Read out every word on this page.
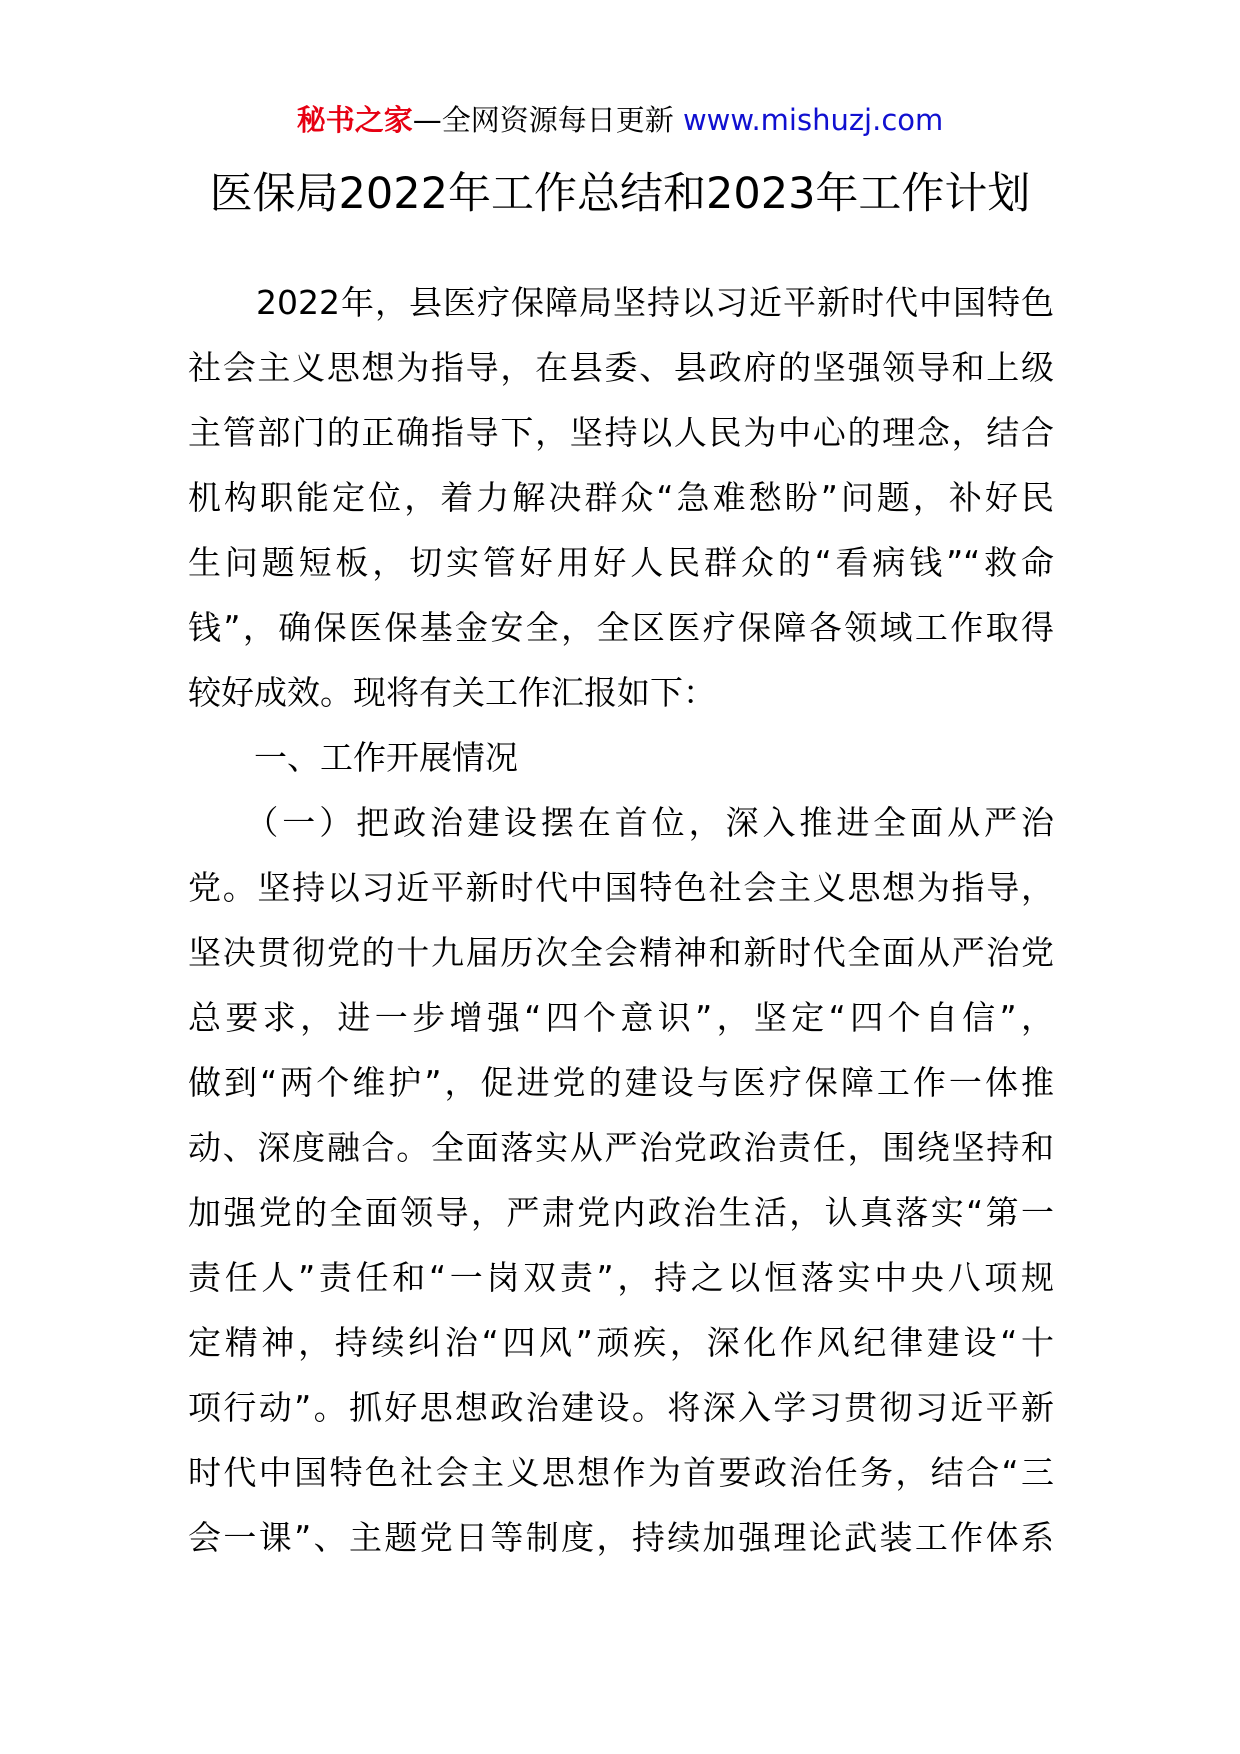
秘书之家—全网资源每日更新 www.mishuzj.com
医保局2022年工作总结和2023年工作计划
　　2022年，县医疗保障局坚持以习近平新时代中国特色
社会主义思想为指导，在县委、县政府的坚强领导和上级
主管部门的正确指导下，坚持以人民为中心的理念，结合
机构职能定位，着力解决群众“急难愁盼”问题，补好民
生问题短板，切实管好用好人民群众的“看病钱”“救命
钱”，确保医保基金安全，全区医疗保障各领域工作取得
较好成效。现将有关工作汇报如下：
　　一、工作开展情况
　　（一）把政治建设摆在首位，深入推进全面从严治
党。坚持以习近平新时代中国特色社会主义思想为指导，
坚决贯彻党的十九届历次全会精神和新时代全面从严治党
总要求，进一步增强“四个意识”，坚定“四个自信”，
做到“两个维护”，促进党的建设与医疗保障工作一体推
动、深度融合。全面落实从严治党政治责任，围绕坚持和
加强党的全面领导，严肃党内政治生活，认真落实“第一
责任人”责任和“一岗双责”，持之以恒落实中央八项规
定精神，持续纠治“四风”顽疾，深化作风纪律建设“十
项行动”。抓好思想政治建设。将深入学习贯彻习近平新
时代中国特色社会主义思想作为首要政治任务，结合“三
会一课”、主题党日等制度，持续加强理论武装工作体系
